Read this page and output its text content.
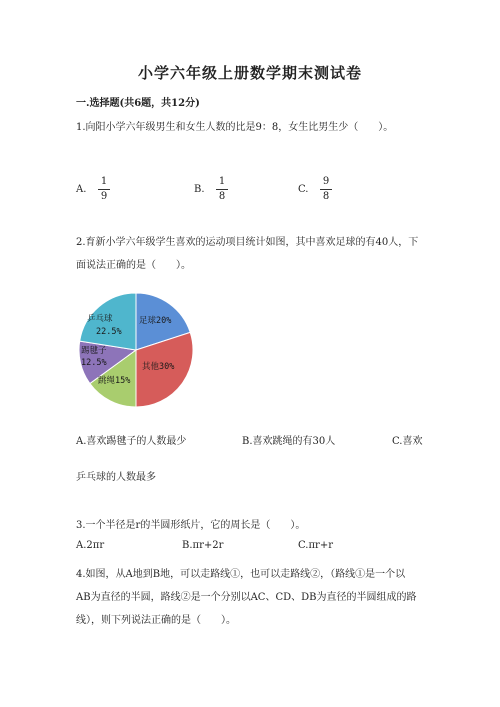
小学六年级上册数学期末测试卷
一.选择题(共6题，共12分)
1.向阳小学六年级男生和女生人数的比是9：8，女生比男生少（　　）。
A.
1
9
B.
1
8
C.
9
8
2.育新小学六年级学生喜欢的运动项目统计如图，其中喜欢足球的有40人，下
面说法正确的是（　　）。
足球20%
其他30%
跳绳15%
踢毽子
12.5%
乒乓球
22.5%
A.喜欢踢毽子的人数最少	B.喜欢跳绳的有30人	C.喜欢
乒乓球的人数最多
3.一个半径是r的半圆形纸片，它的周长是（　　）。
A.2πr	B.πr+2r	C.πr+r
4.如图，从A地到B地，可以走路线①，也可以走路线②，（路线①是一个以
AB为直径的半圆，路线②是一个分别以AC、CD、DB为直径的半圆组成的路
线），则下列说法正确的是（　　）。
